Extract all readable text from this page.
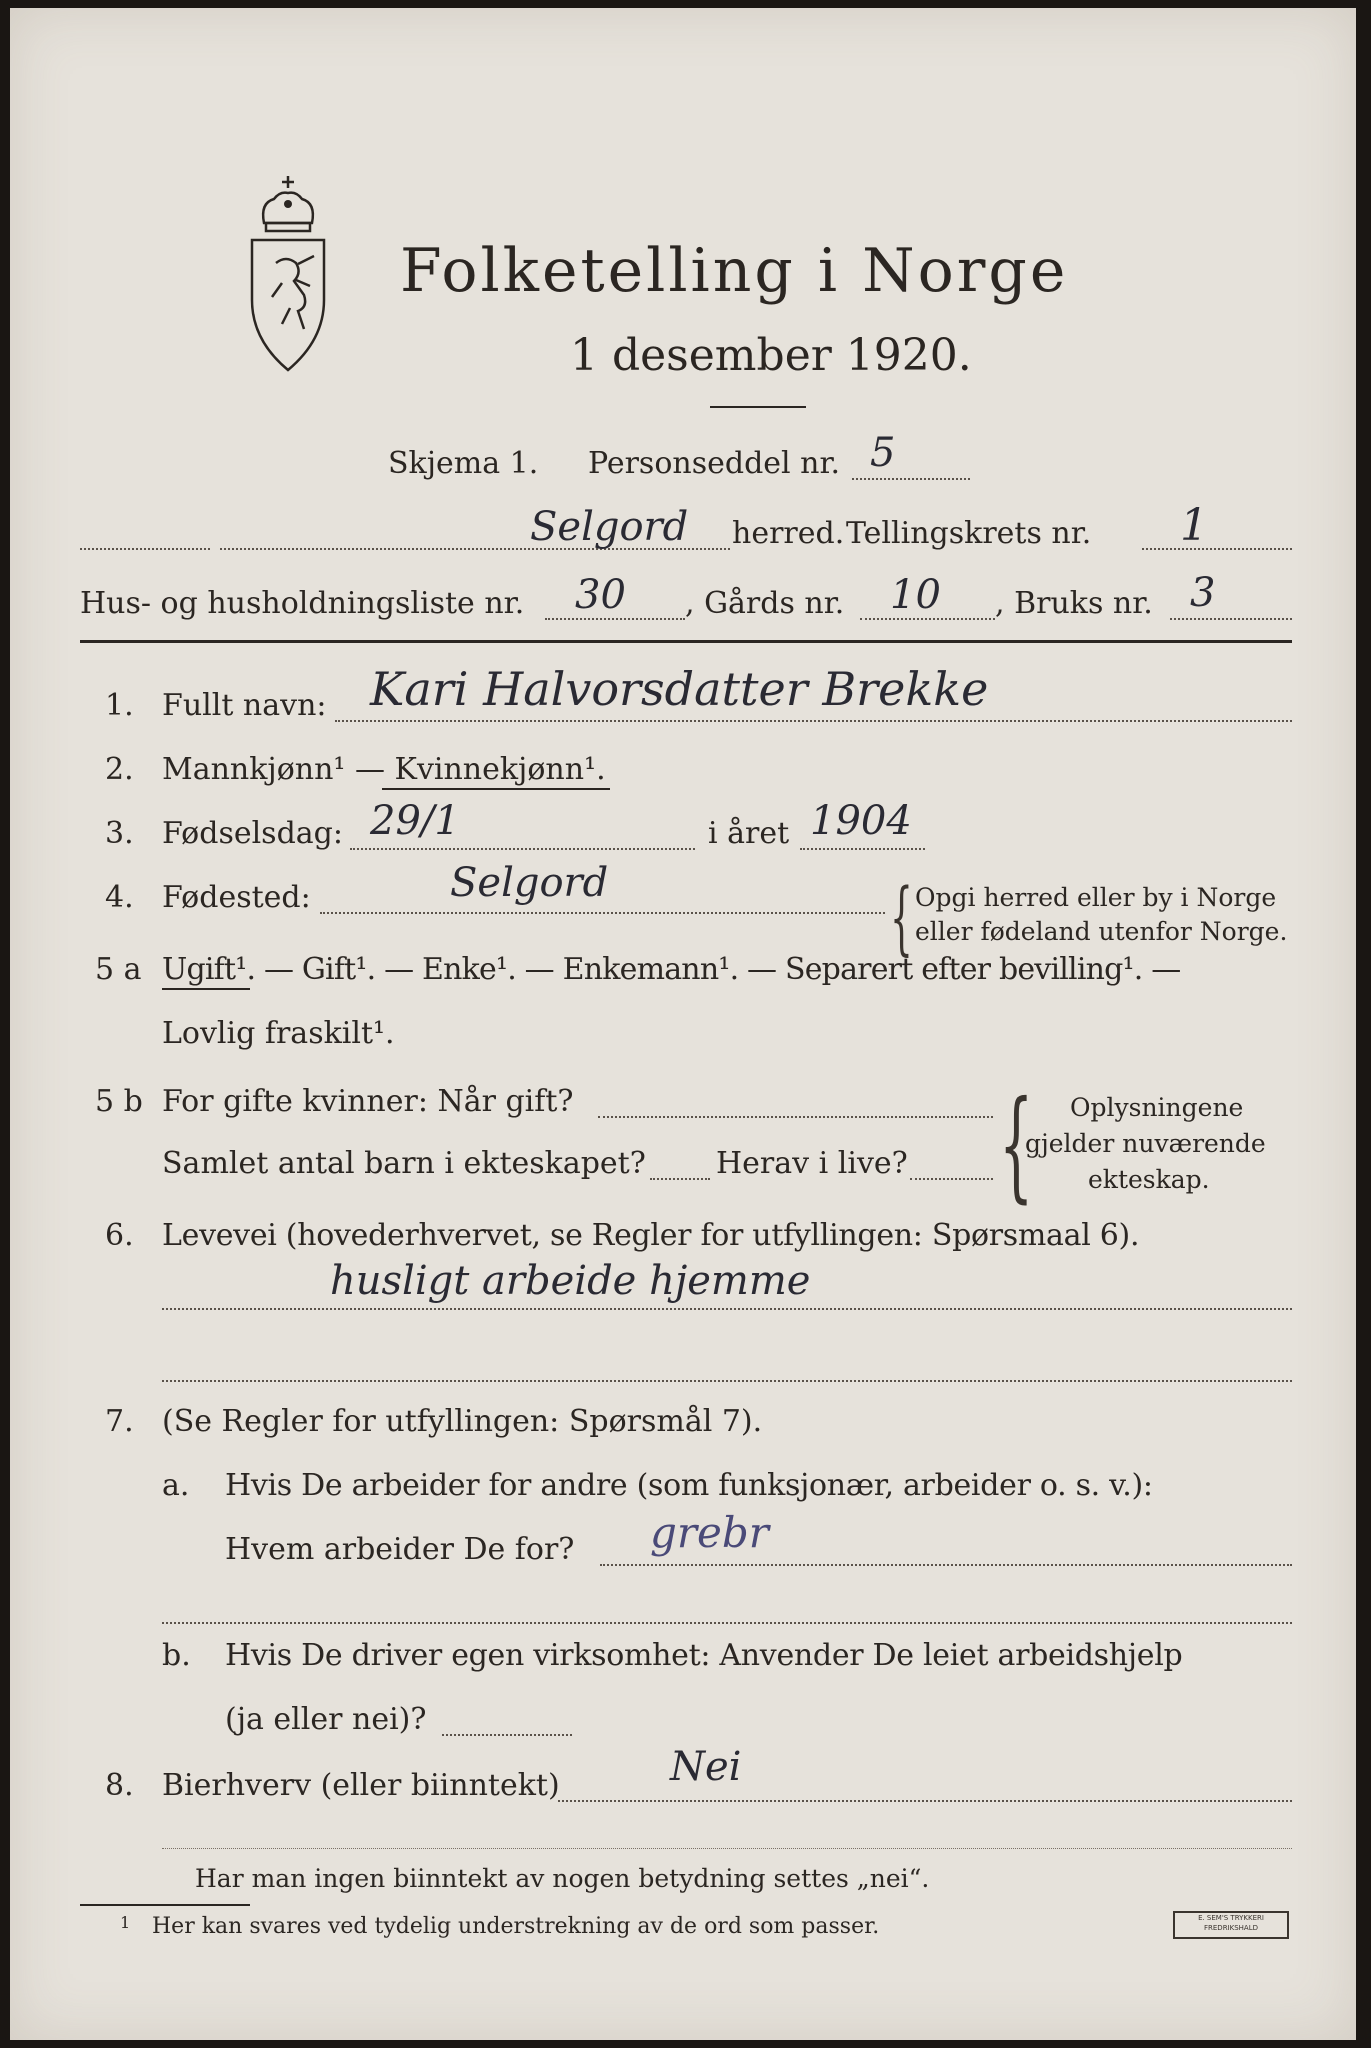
Folketelling i Norge
1 desember 1920.
Skjema 1. Personseddel nr. 5
Selgord herred. Tellingskrets nr. 1
Hus- og husholdningsliste nr. 30 , Gårds nr. 10 , Bruks nr. 3
1. Fullt navn: Kari Halvorsdatter Brekke
2. Mannkjønn¹ — Kvinnekjønn¹.
3. Fødselsdag: 29/1	i året 1904
4. Fødested:	Selgord	{ Opgi herred eller by i Norge
eller fødeland utenfor Norge.
5 a Ugift¹. — Gift¹. — Enke¹. — Enkemann¹. — Separert efter bevilling¹. —
Lovlig fraskilt¹.
5 b For gifte kvinner: Når gift?
Samlet antal barn i ekteskapet? Herav i live? { Oplysningene
gjelder nuværende
ekteskap.
6. Levevei (hovederhvervet, se Regler for utfyllingen: Spørsmaal 6).
husligt arbeide hjemme
7. (Se Regler for utfyllingen: Spørsmål 7).
a. Hvis De arbeider for andre (som funksjonær, arbeider o. s. v.):
Hvem arbeider De for? grebr
b. Hvis De driver egen virksomhet: Anvender De leiet arbeidshjelp
(ja eller nei)?
8. Bierhverv (eller biinntekt)	Nei
Har man ingen biinntekt av nogen betydning settes „nei“.
1 Her kan svares ved tydelig understrekning av de ord som passer.	E. SEM'S TRYKKERI
FREDRIKSHALD
